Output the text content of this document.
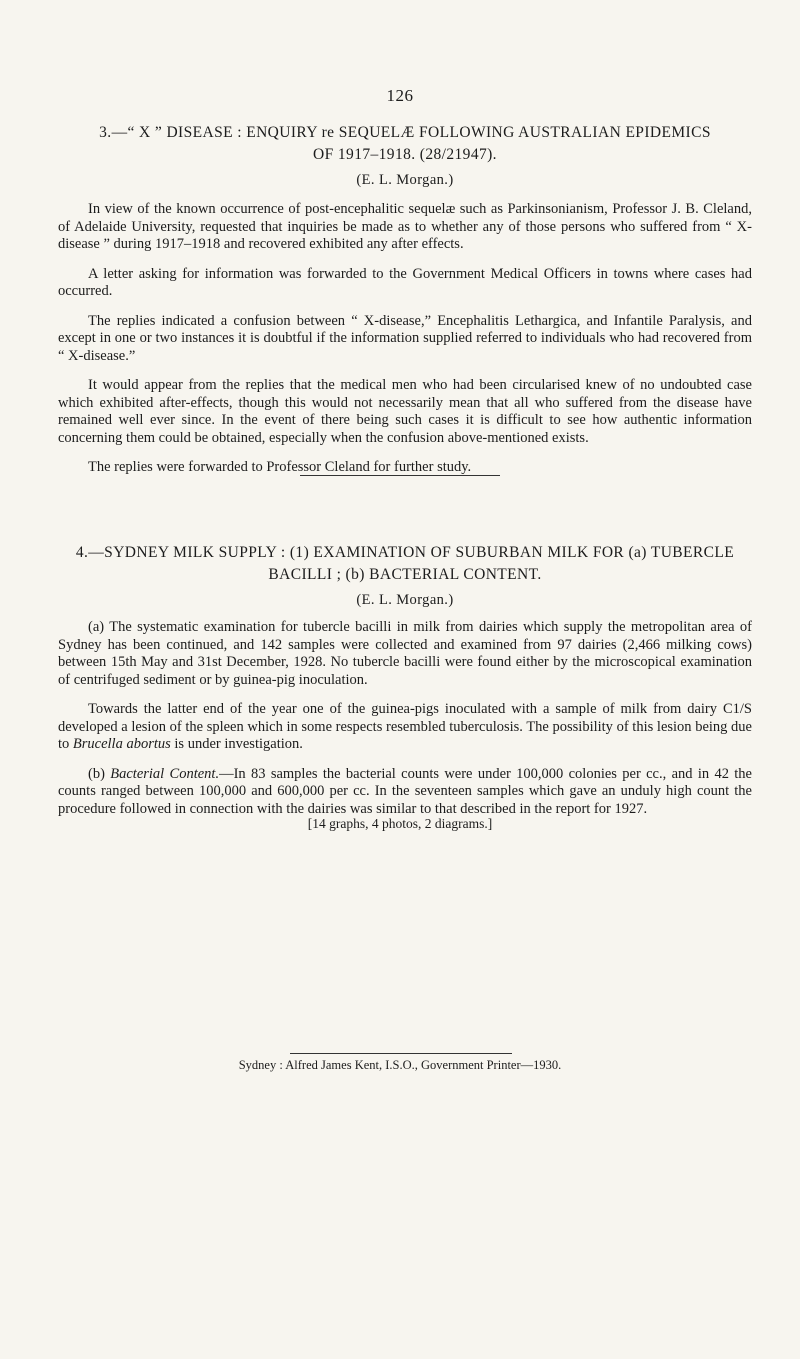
126

3.—“ X ” DISEASE : ENQUIRY re SEQUELÆ FOLLOWING AUSTRALIAN EPIDEMICS

OF 1917–1918. (28/21947).

(E. L. Morgan.)

In view of the known occurrence of post-encephalitic sequelæ such as Parkinsonianism, Professor J. B. Cleland, of Adelaide University, requested that inquiries be made as to whether any of those persons who suffered from “ X-disease ” during 1917–1918 and recovered exhibited any after effects.

A letter asking for information was forwarded to the Government Medical Officers in towns where cases had occurred.

The replies indicated a confusion between “ X-disease,” Encephalitis Lethargica, and Infantile Paralysis, and except in one or two instances it is doubtful if the information supplied referred to individuals who had recovered from “ X-disease.”

It would appear from the replies that the medical men who had been circularised knew of no undoubted case which exhibited after-effects, though this would not necessarily mean that all who suffered from the disease have remained well ever since. In the event of there being such cases it is difficult to see how authentic information concerning them could be obtained, especially when the confusion above-mentioned exists.

The replies were forwarded to Professor Cleland for further study.

4.—SYDNEY MILK SUPPLY : (1) EXAMINATION OF SUBURBAN MILK FOR (a) TUBERCLE

BACILLI ; (b) BACTERIAL CONTENT.

(E. L. Morgan.)

(a) The systematic examination for tubercle bacilli in milk from dairies which supply the metropolitan area of Sydney has been continued, and 142 samples were collected and examined from 97 dairies (2,466 milking cows) between 15th May and 31st December, 1928. No tubercle bacilli were found either by the microscopical examination of centrifuged sediment or by guinea-pig inoculation.

Towards the latter end of the year one of the guinea-pigs inoculated with a sample of milk from dairy C1/S developed a lesion of the spleen which in some respects resembled tuberculosis. The possibility of this lesion being due to Brucella abortus is under investigation.

(b) Bacterial Content.—In 83 samples the bacterial counts were under 100,000 colonies per cc., and in 42 the counts ranged between 100,000 and 600,000 per cc. In the seventeen samples which gave an unduly high count the procedure followed in connection with the dairies was similar to that described in the report for 1927.

[14 graphs, 4 photos, 2 diagrams.]
Sydney : Alfred James Kent, I.S.O., Government Printer—1930.
